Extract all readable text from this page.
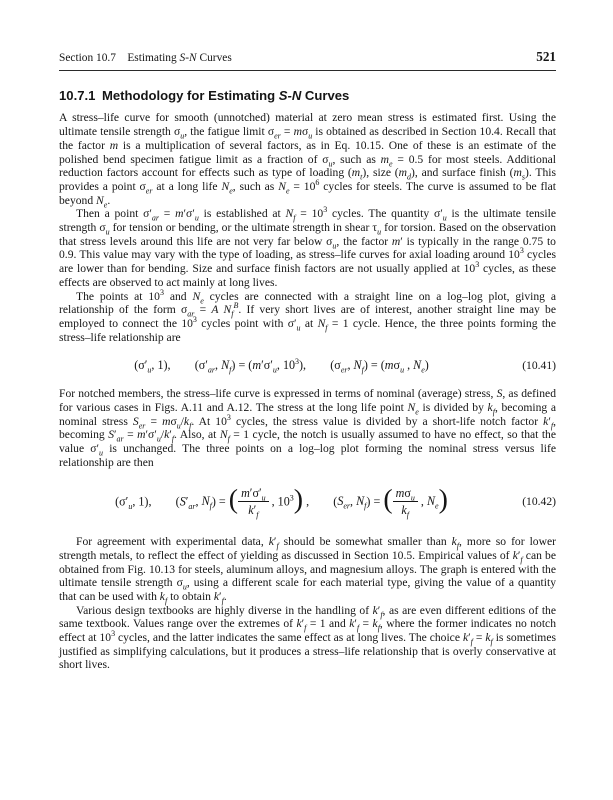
Section 10.7 Estimating S-N Curves	521
10.7.1 Methodology for Estimating S-N Curves

A stress–life curve for smooth (unnotched) material at zero mean stress is estimated first. Using the ultimate tensile strength $\sigma_u$, the fatigue limit $\sigma_{er} = m\sigma_u$ is obtained as described in Section 10.4. Recall that the factor m is a multiplication of several factors, as in Eq. 10.15. One of these is an estimate of the polished bend specimen fatigue limit as a fraction of $\sigma_u$, such as $m_e = 0.5$ for most steels. Additional reduction factors account for effects such as type of loading $(m_t)$, size $(m_d)$, and surface finish $(m_s)$. This provides a point $\sigma_{er}$ at a long life $N_e$, such as $N_e = 10^6$ cycles for steels. The curve is assumed to be flat beyond $N_e$.

Then a point $\sigma'_{ar} = m'\sigma'_u$ is established at $N_f = 10^3$ cycles. The quantity $\sigma'_u$ is the ultimate tensile strength $\sigma_u$ for tension or bending, or the ultimate strength in shear $\tau_u$ for torsion. Based on the observation that stress levels around this life are not very far below $\sigma_u$, the factor m′ is typically in the range 0.75 to 0.9. This value may vary with the type of loading, as stress–life curves for axial loading around $10^3$ cycles are lower than for bending. Size and surface finish factors are not usually applied at $10^3$ cycles, as these effects are observed to act mainly at long lives.

The points at $10^3$ and $N_e$ cycles are connected with a straight line on a log–log plot, giving a relationship of the form $\sigma_{ar} = A$ $N_f^B$. If very short lives are of interest, another straight line may be employed to connect the $10^3$ cycles point with $\sigma'_u$ at $N_f = 1$ cycle. Hence, the three points forming the stress–life relationship are

($\sigma'_u$, 1),  ($\sigma'_{ar}$, $N_f) = (m'\sigma'_u$, $10^3$),  ($\sigma_{er}$, $N_f) = (m\sigma_u$ , $N_e$)	(10.41)

For notched members, the stress–life curve is expressed in terms of nominal (average) stress, S, as defined for various cases in Figs. A.11 and A.12. The stress at the long life point $N_e$ is divided by $k_f$, becoming a nominal stress $S_{er} = m\sigma_u/k_f$. At $10^3$ cycles, the stress value is divided by a short-life notch factor $k'_f$, becoming $S'_{ar} = m'\sigma'_u/k'_f$. Also, at $N_f = 1$ cycle, the notch is usually assumed to have no effect, so that the value $\sigma'_u$ is unchanged. The three points on a log–log plot forming the nominal stress versus life relationship are then

($\sigma'_u$, 1),  ($S'_{ar}$, $N_f$) = ( $\frac{m'\sigma'_u}{k'_f}$ , $10^3$) ,  ($S_{er}$, $N_f$) = ( $\frac{m\sigma_u}{k_f}$ , $N_e$)	(10.42)

For agreement with experimental data, $k'_f$ should be somewhat smaller than $k_f$, more so for lower strength metals, to reflect the effect of yielding as discussed in Section 10.5. Empirical values of $k'_f$ can be obtained from Fig. 10.13 for steels, aluminum alloys, and magnesium alloys. The graph is entered with the ultimate tensile strength $\sigma_u$, using a different scale for each material type, giving the value of a quantity that can be used with $k_f$ to obtain $k'_f$.

Various design textbooks are highly diverse in the handling of $k'_f$, as are even different editions of the same textbook. Values range over the extremes of $k'_f = 1$ and $k'_f = k_f$, where the former indicates no notch effect at $10^3$ cycles, and the latter indicates the same effect as at long lives. The choice $k'_f = k_f$ is sometimes justified as simplifying calculations, but it produces a stress–life relationship that is overly conservative at short lives.
